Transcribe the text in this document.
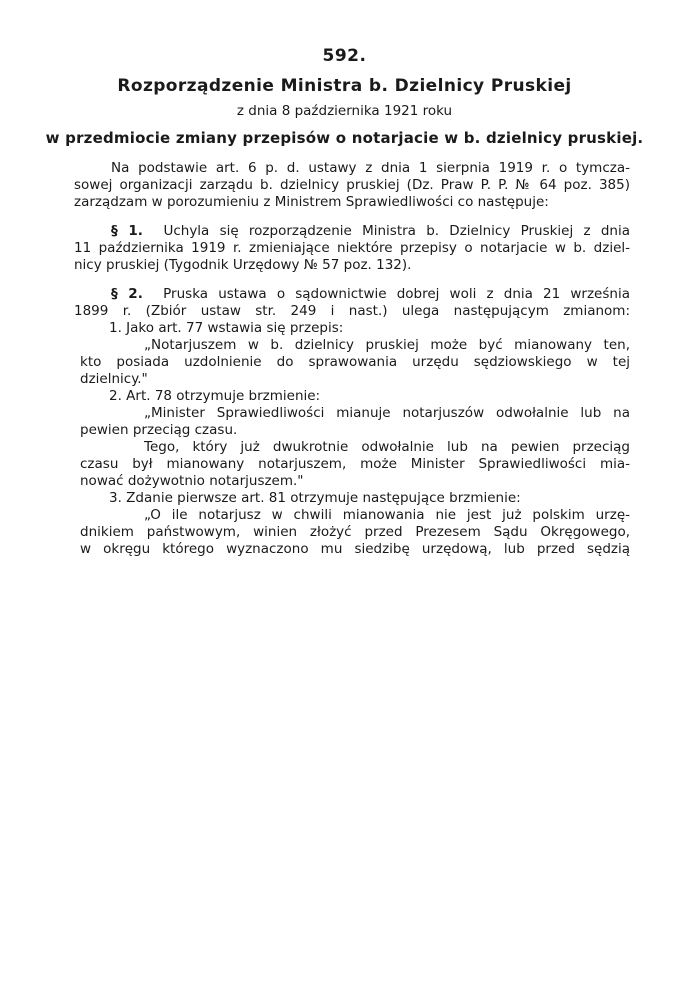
592.
Rozporządzenie Ministra b. Dzielnicy Pruskiej
z dnia 8 października 1921 roku
w przedmiocie zmiany przepisów o notarjacie w b. dzielnicy pruskiej.
Na podstawie art. 6 p. d. ustawy z dnia 1 sierpnia 1919 r. o tymcza-
sowej organizacji zarządu b. dzielnicy pruskiej (Dz. Praw P. P. № 64 poz. 385)
zarządzam w porozumieniu z Ministrem Sprawiedliwości co następuje:
§ 1. Uchyla się rozporządzenie Ministra b. Dzielnicy Pruskiej z dnia
11 października 1919 r. zmieniające niektóre przepisy o notarjacie w b. dziel-
nicy pruskiej (Tygodnik Urzędowy № 57 poz. 132).
§ 2. Pruska ustawa o sądownictwie dobrej woli z dnia 21 września
1899 r. (Zbiór ustaw str. 249 i nast.) ulega następującym zmianom:
1. Jako art. 77 wstawia się przepis:
„Notarjuszem w b. dzielnicy pruskiej może być mianowany ten,
kto posiada uzdolnienie do sprawowania urzędu sędziowskiego w tej
dzielnicy."
2. Art. 78 otrzymuje brzmienie:
„Minister Sprawiedliwości mianuje notarjuszów odwołalnie lub na
pewien przeciąg czasu.
Tego, który już dwukrotnie odwołalnie lub na pewien przeciąg
czasu był mianowany notarjuszem, może Minister Sprawiedliwości mia-
nować dożywotnio notarjuszem."
3. Zdanie pierwsze art. 81 otrzymuje następujące brzmienie:
„O ile notarjusz w chwili mianowania nie jest już polskim urzę-
dnikiem państwowym, winien złożyć przed Prezesem Sądu Okręgowego,
w okręgu którego wyznaczono mu siedzibę urzędową, lub przed sędzią
